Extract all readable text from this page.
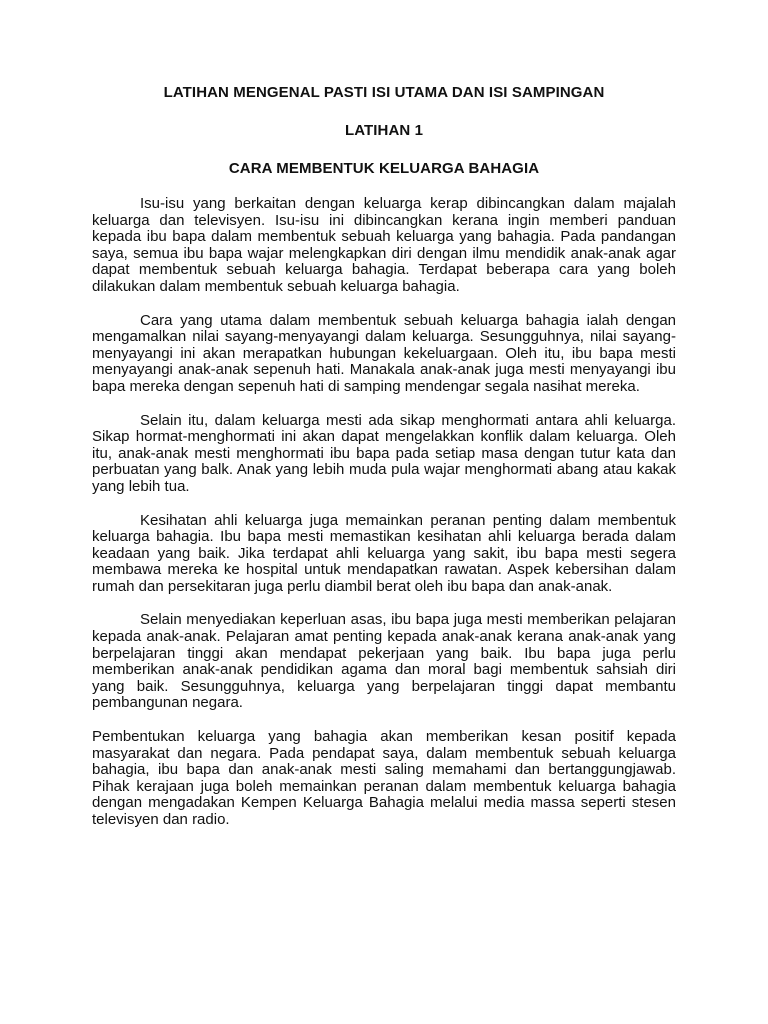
LATIHAN MENGENAL PASTI ISI UTAMA DAN ISI SAMPINGAN
LATIHAN 1
CARA MEMBENTUK KELUARGA BAHAGIA

Isu-isu yang berkaitan dengan keluarga kerap dibincangkan dalam majalah keluarga dan televisyen. Isu-isu ini dibincangkan kerana ingin memberi panduan kepada ibu bapa dalam membentuk sebuah keluarga yang bahagia. Pada pandangan saya, semua ibu bapa wajar melengkapkan diri dengan ilmu mendidik anak-anak agar dapat membentuk sebuah keluarga bahagia. Terdapat beberapa cara yang boleh dilakukan dalam membentuk sebuah keluarga bahagia.

Cara yang utama dalam membentuk sebuah keluarga bahagia ialah dengan mengamalkan nilai sayang-menyayangi dalam keluarga. Sesungguhnya, nilai sayang-menyayangi ini akan merapatkan hubungan kekeluargaan. Oleh itu, ibu bapa mesti menyayangi anak-anak sepenuh hati. Manakala anak-anak juga mesti menyayangi ibu bapa mereka dengan sepenuh hati di samping mendengar segala nasihat mereka.

Selain itu, dalam keluarga mesti ada sikap menghormati antara ahli keluarga. Sikap hormat-menghormati ini akan dapat mengelakkan konflik dalam keluarga. Oleh itu, anak-anak mesti menghormati ibu bapa pada setiap masa dengan tutur kata dan perbuatan yang balk. Anak yang lebih muda pula wajar menghormati abang atau kakak yang lebih tua.

Kesihatan ahli keluarga juga memainkan peranan penting dalam membentuk keluarga bahagia. Ibu bapa mesti memastikan kesihatan ahli keluarga berada dalam keadaan yang baik. Jika terdapat ahli keluarga yang sakit, ibu bapa mesti segera membawa mereka ke hospital untuk mendapatkan rawatan. Aspek kebersihan dalam rumah dan persekitaran juga perlu diambil berat oleh ibu bapa dan anak-anak.

Selain menyediakan keperluan asas, ibu bapa juga mesti memberikan pelajaran kepada anak-anak. Pelajaran amat penting kepada anak-anak kerana anak-anak yang berpelajaran tinggi akan mendapat pekerjaan yang baik. Ibu bapa juga perlu memberikan anak-anak pendidikan agama dan moral bagi membentuk sahsiah diri yang baik. Sesungguhnya, keluarga yang berpelajaran tinggi dapat membantu pembangunan negara.

Pembentukan keluarga yang bahagia akan memberikan kesan positif kepada masyarakat dan negara. Pada pendapat saya, dalam membentuk sebuah keluarga bahagia, ibu bapa dan anak-anak mesti saling memahami dan bertanggungjawab. Pihak kerajaan juga boleh memainkan peranan dalam membentuk keluarga bahagia dengan mengadakan Kempen Keluarga Bahagia melalui media massa seperti stesen televisyen dan radio.
